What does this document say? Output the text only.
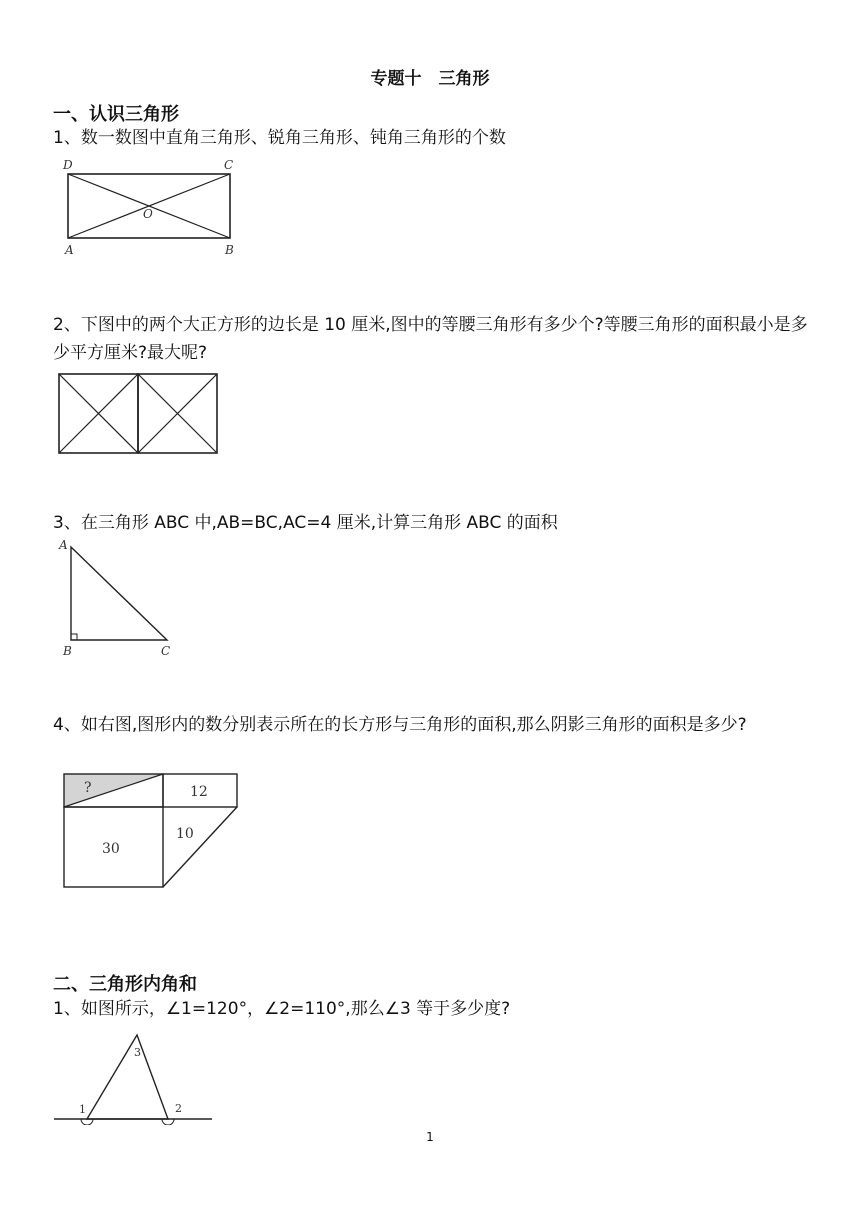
专题十　三角形
一、认识三角形
1、数一数图中直角三角形、锐角三角形、钝角三角形的个数
D	C
O
A	B
2、下图中的两个大正方形的边长是 10 厘米,图中的等腰三角形有多少个?等腰三角形的面积最小是多少平方厘米?最大呢?
3、在三角形 ABC 中,AB=BC,AC=4 厘米,计算三角形 ABC 的面积
A
B	C
4、如右图,图形内的数分别表示所在的长方形与三角形的面积,那么阴影三角形的面积是多少?
?	12
10
30
二、三角形内角和
1、如图所示，∠1=120°，∠2=110°,那么∠3 等于多少度?
1	2
3
1
